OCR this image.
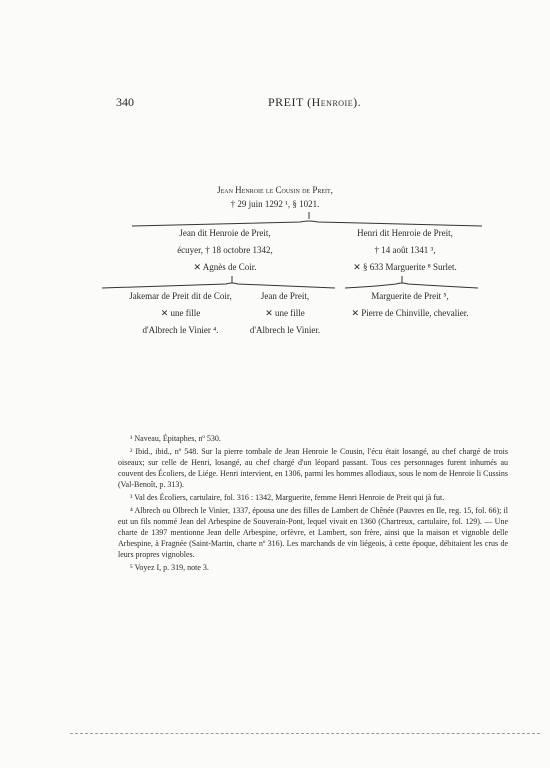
340	PREIT (Henroie).
Jean Henroie le Cousin de Preit,
† 29 juin 1292 ¹, § 1021.
Jean dit Henroie de Preit,
écuyer, † 18 octobre 1342,
✕ Agnès de Coir.
Henri dit Henroie de Preit,
† 14 août 1341 ³,
✕ § 633 Marguerite ⁸ Surlet.
Jakemar de Preit dit de Coir,
✕ une fille
d'Albrech le Vinier ⁴.
Jean de Preit,
✕ une fille
d'Albrech le Vinier.
Marguerite de Preit ⁵,
✕ Pierre de Chinville, chevalier.

¹ Naveau, Épitaphes, nº 530.

² Ibid., ibid., nº 548. Sur la pierre tombale de Jean Henroie le Cousin, l'écu était losangé, au chef chargé de trois oiseaux; sur celle de Henri, losangé, au chef chargé d'un léopard passant. Tous ces personnages furent inhumés au couvent des Écoliers, de Liége. Henri intervient, en 1306, parmi les hommes allodiaux, sous le nom de Henroie li Cussins (Val-Benoît, p. 313).

³ Val des Écoliers, cartulaire, fol. 316 : 1342, Marguerite, femme Henri Henroie de Preit qui jà fut.

⁴ Albrech ou Olbrech le Vinier, 1337, épousa une des filles de Lambert de Chênée (Pauvres en Ile, reg. 15, fol. 66); il eut un fils nommé Jean del Arbespine de Souverain-Pont, lequel vivait en 1360 (Chartreux, cartulaire, fol. 129). — Une charte de 1397 mentionne Jean delle Arbespine, orfèvre, et Lambert, son frère, ainsi que la maison et vignoble delle Arbespine, à Fragnée (Saint-Martin, charte nº 316). Les marchands de vin liégeois, à cette époque, débitaient les crus de leurs propres vignobles.

⁵ Voyez I, p. 319, note 3.
